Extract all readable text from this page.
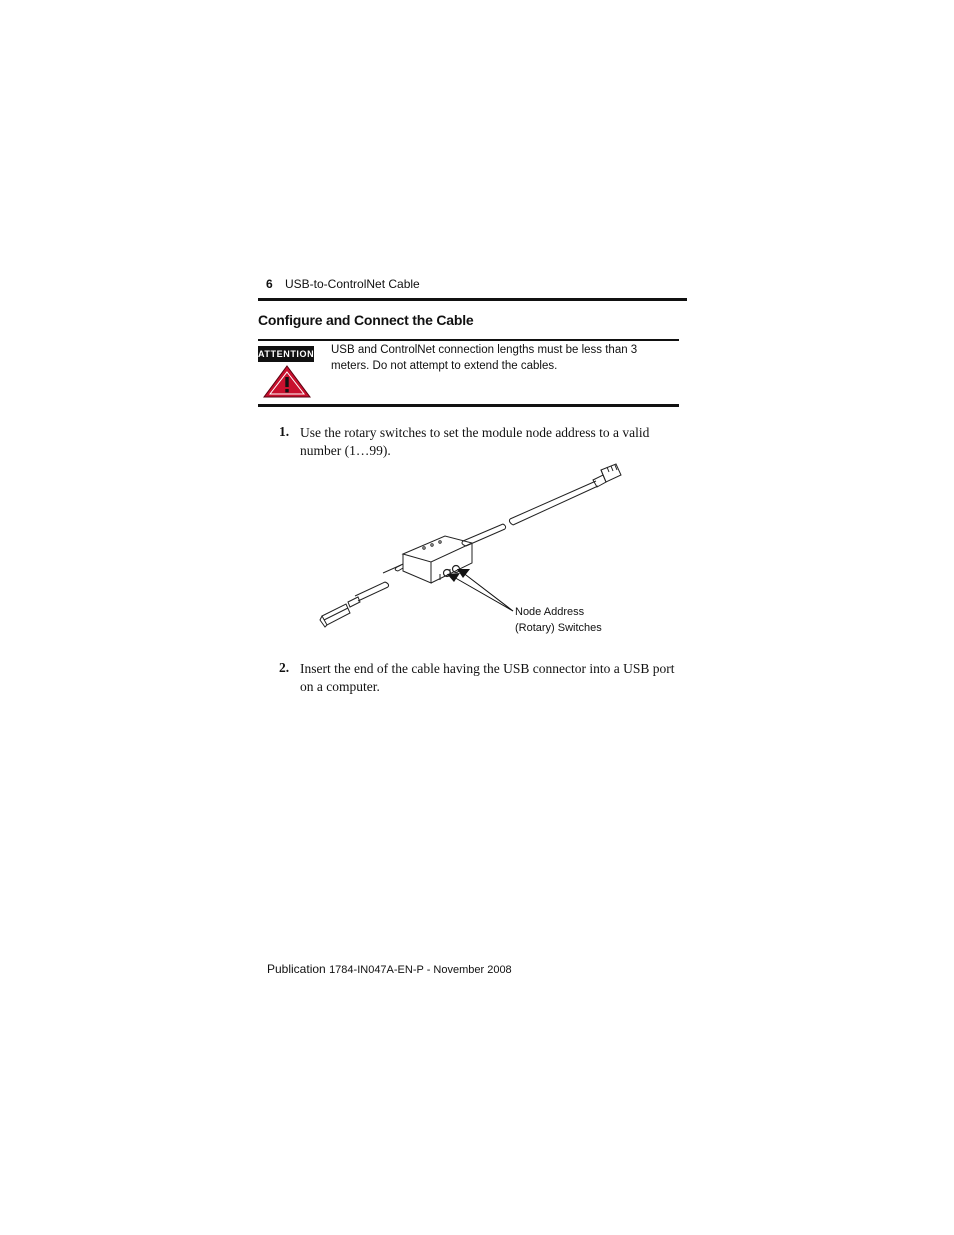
6 USB-to-ControlNet Cable
Configure and Connect the Cable
ATTENTION USB and ControlNet connection lengths must be less than 3 meters. Do not attempt to extend the cables.
1. Use the rotary switches to set the module node address to a valid number (1…99).
Node Address
(Rotary) Switches
2. Insert the end of the cable having the USB connector into a USB port on a computer.
Publication 1784-IN047A-EN-P - November 2008
